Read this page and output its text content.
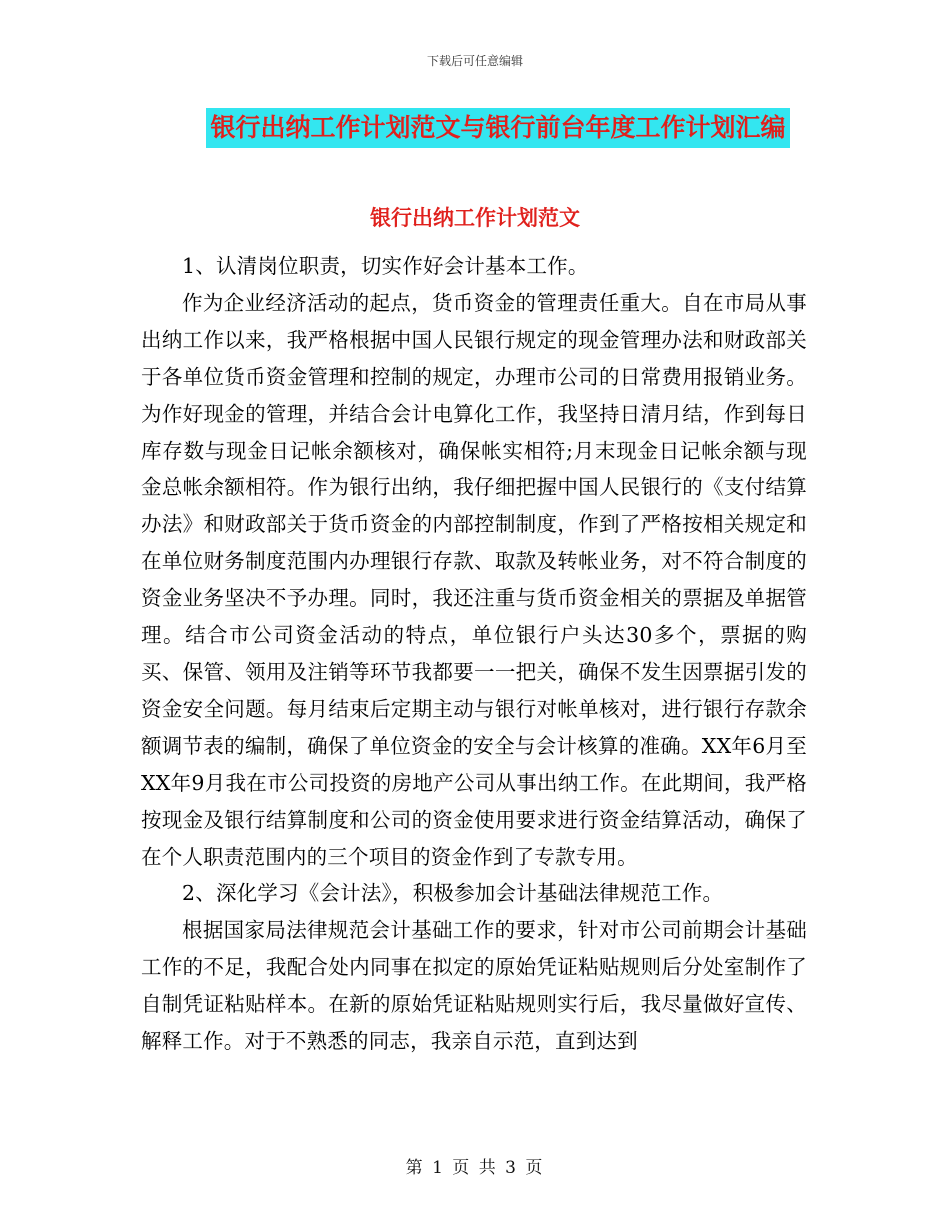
下载后可任意编辑
银行出纳工作计划范文与银行前台年度工作计划汇编
银行出纳工作计划范文

1、认清岗位职责，切实作好会计基本工作。

作为企业经济活动的起点，货币资金的管理责任重大。自在市局从事出纳工作以来，我严格根据中国人民银行规定的现金管理办法和财政部关于各单位货币资金管理和控制的规定，办理市公司的日常费用报销业务。为作好现金的管理，并结合会计电算化工作，我坚持日清月结，作到每日库存数与现金日记帐余额核对，确保帐实相符;月末现金日记帐余额与现金总帐余额相符。作为银行出纳，我仔细把握中国人民银行的《支付结算办法》和财政部关于货币资金的内部控制制度，作到了严格按相关规定和在单位财务制度范围内办理银行存款、取款及转帐业务，对不符合制度的资金业务坚决不予办理。同时，我还注重与货币资金相关的票据及单据管理。结合市公司资金活动的特点，单位银行户头达30多个，票据的购买、保管、领用及注销等环节我都要一一把关，确保不发生因票据引发的资金安全问题。每月结束后定期主动与银行对帐单核对，进行银行存款余额调节表的编制，确保了单位资金的安全与会计核算的准确。XX年6月至XX年9月我在市公司投资的房地产公司从事出纳工作。在此期间，我严格按现金及银行结算制度和公司的资金使用要求进行资金结算活动，确保了在个人职责范围内的三个项目的资金作到了专款专用。

2、深化学习《会计法》，积极参加会计基础法律规范工作。

根据国家局法律规范会计基础工作的要求，针对市公司前期会计基础工作的不足，我配合处内同事在拟定的原始凭证粘贴规则后分处室制作了自制凭证粘贴样本。在新的原始凭证粘贴规则实行后，我尽量做好宣传、解释工作。对于不熟悉的同志，我亲自示范，直到达到

第 1 页 共 3 页
